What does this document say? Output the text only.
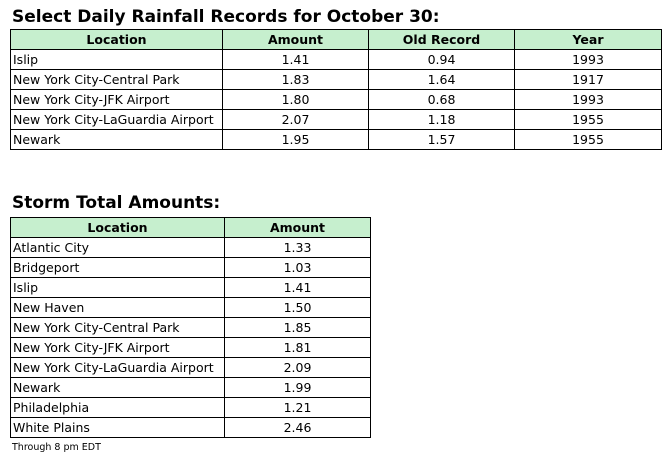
Select Daily Rainfall Records for October 30:
Location	Amount	Old Record	Year
Islip	1.41	0.94	1993
New York City-Central Park	1.83	1.64	1917
New York City-JFK Airport	1.80	0.68	1993
New York City-LaGuardia Airport	2.07	1.18	1955
Newark	1.95	1.57	1955
Storm Total Amounts:
Location	Amount
Atlantic City	1.33
Bridgeport	1.03
Islip	1.41
New Haven	1.50
New York City-Central Park	1.85
New York City-JFK Airport	1.81
New York City-LaGuardia Airport	2.09
Newark	1.99
Philadelphia	1.21
White Plains	2.46
Through 8 pm EDT
